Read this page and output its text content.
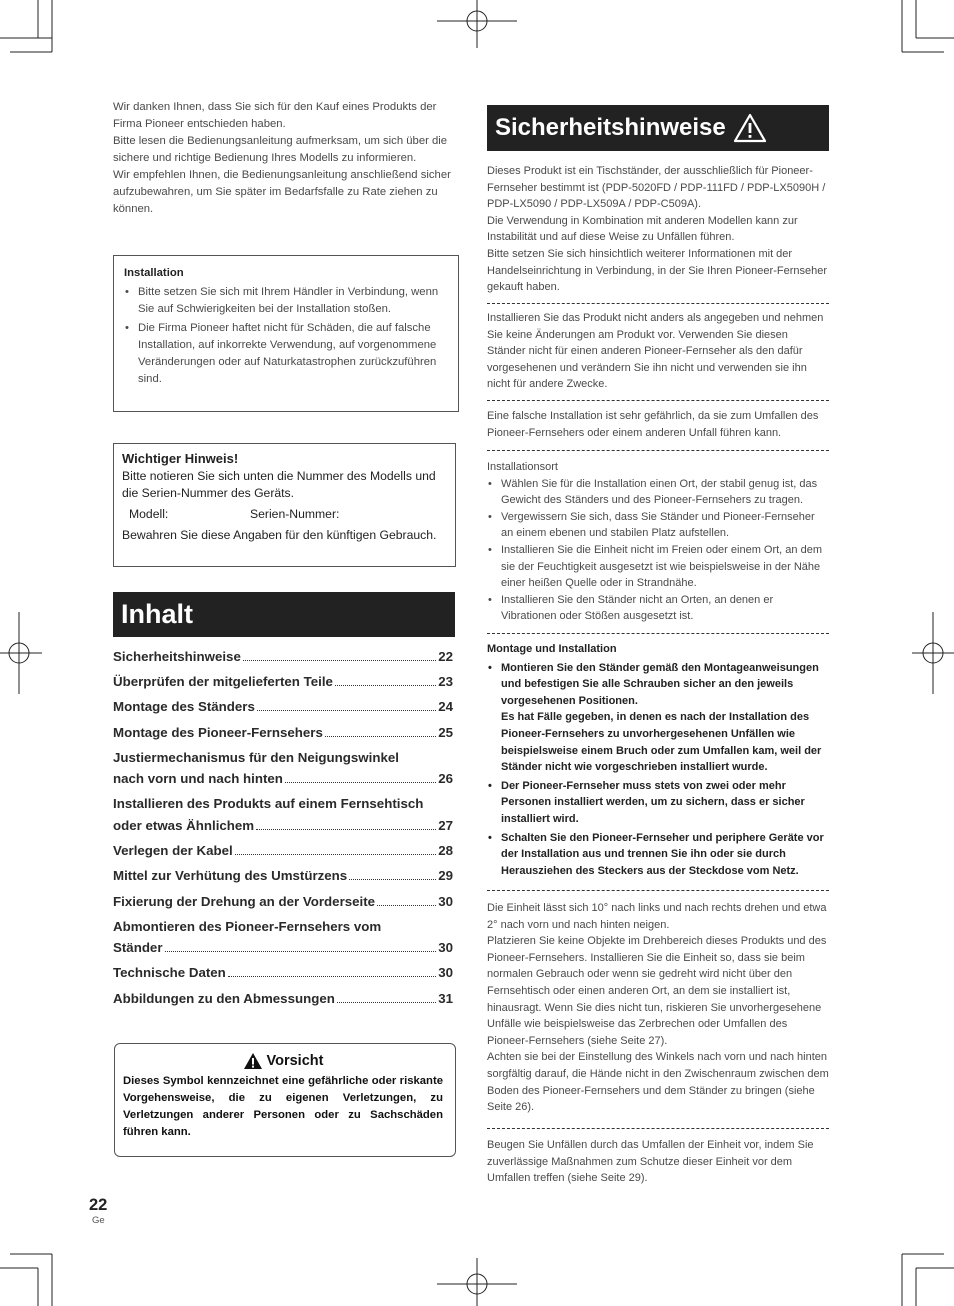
Wir danken Ihnen, dass Sie sich für den Kauf eines Produkts der Firma Pioneer entschieden haben.

Bitte lesen die Bedienungsanleitung aufmerksam, um sich über die sichere und richtige Bedienung Ihres Modells zu informieren.

Wir empfehlen Ihnen, die Bedienungsanleitung anschließend sicher aufzubewahren, um Sie später im Bedarfsfalle zu Rate ziehen zu können.

Installation
• Bitte setzen Sie sich mit Ihrem Händler in Verbindung, wenn Sie auf Schwierigkeiten bei der Installation stoßen.
• Die Firma Pioneer haftet nicht für Schäden, die auf falsche Installation, auf inkorrekte Verwendung, auf vorgenommene Veränderungen oder auf Naturkatastrophen zurückzuführen sind.
Wichtiger Hinweis!
Bitte notieren Sie sich unten die Nummer des Modells und die Serien-Nummer des Geräts.
Modell:	Serien-Nummer:
Bewahren Sie diese Angaben für den künftigen Gebrauch.
Inhalt
Sicherheitshinweise	22
Überprüfen der mitgelieferten Teile	23
Montage des Ständers	24
Montage des Pioneer-Fernsehers	25
Justiermechanismus für den Neigungswinkel
nach vorn und nach hinten	26
Installieren des Produkts auf einem Fernsehtisch
oder etwas Ähnlichem	27
Verlegen der Kabel	28
Mittel zur Verhütung des Umstürzens	29
Fixierung der Drehung an der Vorderseite	30
Abmontieren des Pioneer-Fernsehers vom
Ständer	30
Technische Daten	30
Abbildungen zu den Abmessungen	31
Vorsicht
Dieses Symbol kennzeichnet eine gefährliche oder riskante Vorgehensweise, die zu eigenen Verletzungen, zu Verletzungen anderer Personen oder zu Sachschäden führen kann.
22
Ge
Sicherheitshinweise

Dieses Produkt ist ein Tischständer, der ausschließlich für Pioneer-Fernseher bestimmt ist (PDP-5020FD / PDP-111FD / PDP-LX5090H / PDP-LX5090 / PDP-LX509A / PDP-C509A).

Die Verwendung in Kombination mit anderen Modellen kann zur Instabilität und auf diese Weise zu Unfällen führen.

Bitte setzen Sie sich hinsichtlich weiterer Informationen mit der Handelseinrichtung in Verbindung, in der Sie Ihren Pioneer-Fernseher gekauft haben.

Installieren Sie das Produkt nicht anders als angegeben und nehmen Sie keine Änderungen am Produkt vor. Verwenden Sie diesen Ständer nicht für einen anderen Pioneer-Fernseher als den dafür vorgesehenen und verändern Sie ihn nicht und verwenden sie ihn nicht für andere Zwecke.

Eine falsche Installation ist sehr gefährlich, da sie zum Umfallen des Pioneer-Fernsehers oder einem anderen Unfall führen kann.

Installationsort
• Wählen Sie für die Installation einen Ort, der stabil genug ist, das Gewicht des Ständers und des Pioneer-Fernsehers zu tragen.
• Vergewissern Sie sich, dass Sie Ständer und Pioneer-Fernseher an einem ebenen und stabilen Platz aufstellen.
• Installieren Sie die Einheit nicht im Freien oder einem Ort, an dem sie der Feuchtigkeit ausgesetzt ist wie beispielsweise in der Nähe einer heißen Quelle oder in Strandnähe.
• Installieren Sie den Ständer nicht an Orten, an denen er Vibrationen oder Stößen ausgesetzt ist.
Montage und Installation
• Montieren Sie den Ständer gemäß den Montageanweisungen und befestigen Sie alle Schrauben sicher an den jeweils vorgesehenen Positionen.
Es hat Fälle gegeben, in denen es nach der Installation des Pioneer-Fernsehers zu unvorhergesehenen Unfällen wie beispielsweise einem Bruch oder zum Umfallen kam, weil der Ständer nicht wie vorgeschrieben installiert wurde.
• Der Pioneer-Fernseher muss stets von zwei oder mehr Personen installiert werden, um zu sichern, dass er sicher installiert wird.
• Schalten Sie den Pioneer-Fernseher und periphere Geräte vor der Installation aus und trennen Sie ihn oder sie durch Herausziehen des Steckers aus der Steckdose vom Netz.

Die Einheit lässt sich 10° nach links und nach rechts drehen und etwa 2° nach vorn und nach hinten neigen.

Platzieren Sie keine Objekte im Drehbereich dieses Produkts und des Pioneer-Fernsehers. Installieren Sie die Einheit so, dass sie beim normalen Gebrauch oder wenn sie gedreht wird nicht über den Fernsehtisch oder einen anderen Ort, an dem sie installiert ist, hinausragt. Wenn Sie dies nicht tun, riskieren Sie unvorhergesehene Unfälle wie beispielsweise das Zerbrechen oder Umfallen des Pioneer-Fernsehers (siehe Seite 27).

Achten sie bei der Einstellung des Winkels nach vorn und nach hinten sorgfältig darauf, die Hände nicht in den Zwischenraum zwischen dem Boden des Pioneer-Fernsehers und dem Ständer zu bringen (siehe Seite 26).

Beugen Sie Unfällen durch das Umfallen der Einheit vor, indem Sie zuverlässige Maßnahmen zum Schutze dieser Einheit vor dem Umfallen treffen (siehe Seite 29).
